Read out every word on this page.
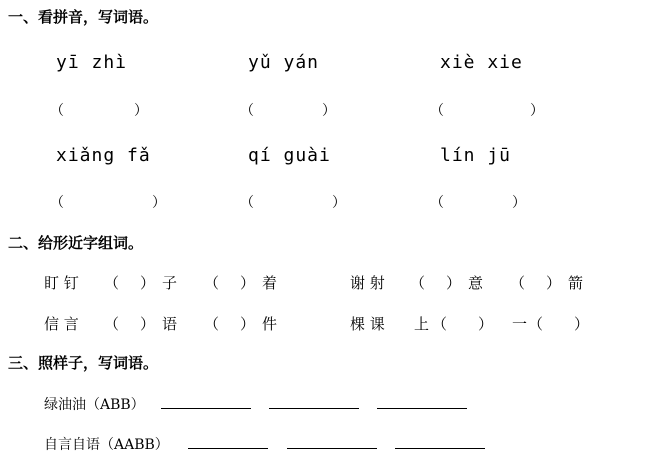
一、看拼音，写词语。
yī zhì	yǔ yán	xiè xie
（	）	（	）	（	）
xiǎng fǎ	qí guài	lín jū
（	）	（	）	（	）
二、给形近字组词。
盯 钉 （ ） 子 （ ） 着	谢 射 （ ） 意 （ ） 箭
信 言 （ ） 语 （ ） 件	棵 课 上 （ ） 一 （ ）
三、照样子，写词语。
绿油油（ABB）
自言自语（AABB）
